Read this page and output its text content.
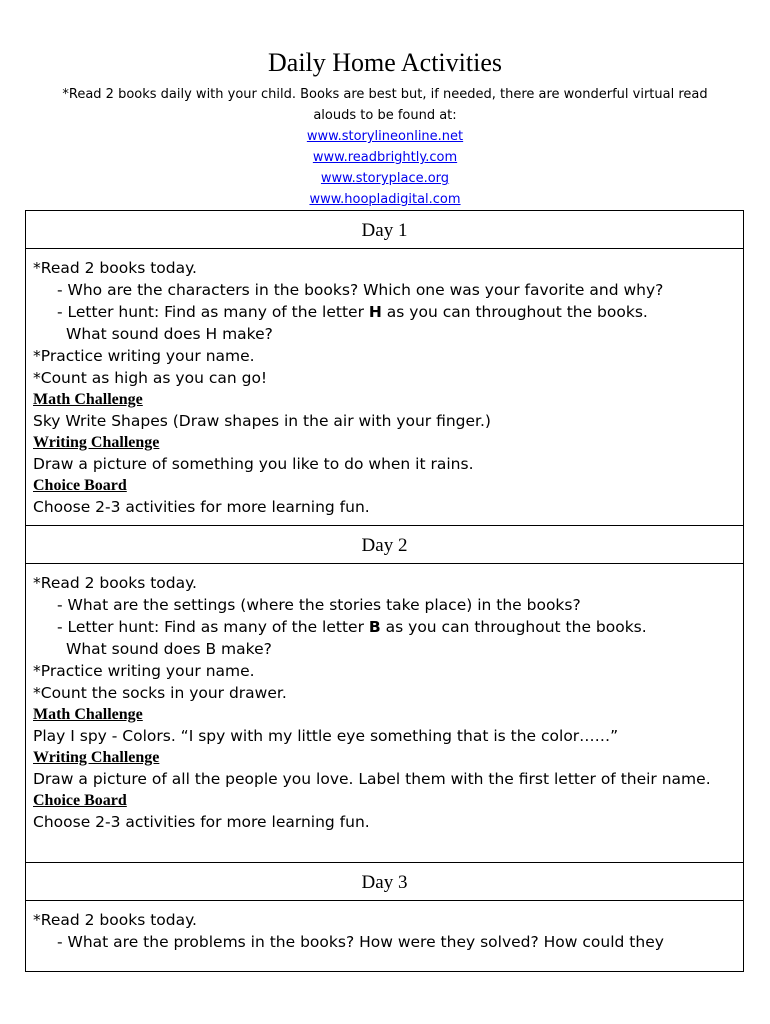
Daily Home Activities
*Read 2 books daily with your child. Books are best but, if needed, there are wonderful virtual read alouds to be found at:
www.storylineonline.net
www.readbrightly.com
www.storyplace.org
www.hoopladigital.com
Day 1
*Read 2 books today.
- Who are the characters in the books? Which one was your favorite and why?
- Letter hunt: Find as many of the letter H as you can throughout the books.
What sound does H make?
*Practice writing your name.
*Count as high as you can go!
Math Challenge
Sky Write Shapes (Draw shapes in the air with your finger.)
Writing Challenge
Draw a picture of something you like to do when it rains.
Choice Board
Choose 2-3 activities for more learning fun.
Day 2
*Read 2 books today.
- What are the settings (where the stories take place) in the books?
- Letter hunt: Find as many of the letter B as you can throughout the books.
What sound does B make?
*Practice writing your name.
*Count the socks in your drawer.
Math Challenge
Play I spy - Colors. “I spy with my little eye something that is the color……”
Writing Challenge
Draw a picture of all the people you love. Label them with the first letter of their name.
Choice Board
Choose 2-3 activities for more learning fun.
Day 3
*Read 2 books today.
- What are the problems in the books? How were they solved? How could they
